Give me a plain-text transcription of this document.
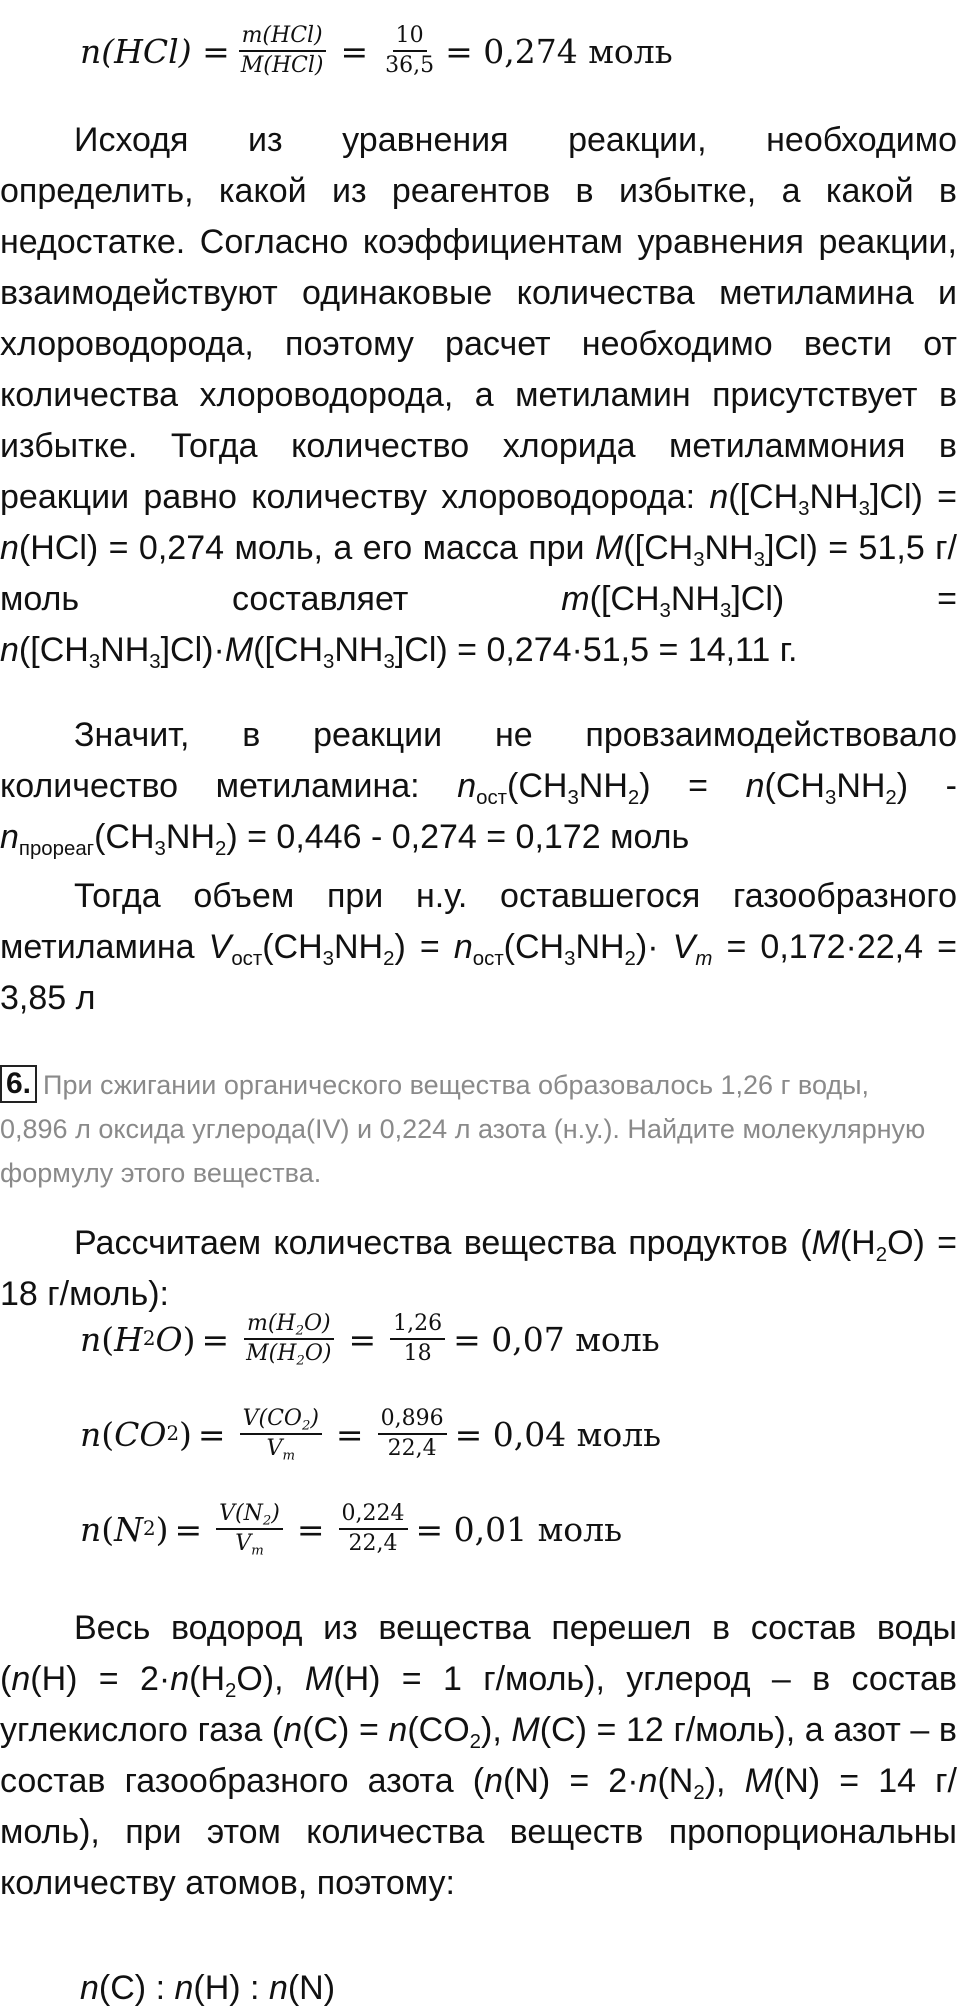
$n(HCl) = \frac{\text{m(HCl)}}{\text{M(HCl)}} = \frac{10}{36,5} = 0,274$ моль

Исходя из уравнения реакции, необходимо определить, какой из реагентов в избытке, а какой в недостатке. Согласно коэффициентам уравнения реакции, взаимодействуют одинаковые количества метиламина и хлороводорода, поэтому расчет необходимо вести от количества хлороводорода, а метиламин присутствует в избытке. Тогда количество хлорида метиламмония в реакции равно количеству хлороводорода: $n([CH_3NH_3]Cl) = n(HCl) = 0,274$ моль, а его масса при $M([CH_3NH_3]Cl) = 51,5$ г/моль составляет $m([CH_3NH_3]Cl) = n([CH_3NH_3]Cl)\cdot M([CH_3NH_3]Cl) = 0,274\cdot 51,5 = 14,11$ г.

Значит, в реакции не провзаимодействовало количество метиламина: $n_{ост}(CH_3NH_2) = n(CH_3NH_2) - n_{прореаг}(CH_3NH_2) = 0,446 - 0,274 = 0,172$ моль

Тогда объем при н.у. оставшегося газообразного метиламина $V_{ост}(CH_3NH_2) = n_{ост}(CH_3NH_2)\cdot V_m = 0,172\cdot 22,4 = 3,85$ л

6. При сжигании органического вещества образовалось 1,26 г воды, 0,896 л оксида углерода(IV) и 0,224 л азота (н.у.). Найдите молекулярную формулу этого вещества.

Рассчитаем количества вещества продуктов ($M(H_2O) = 18$ г/моль):

n ( H 2 O ) = $\frac{m(H_2O)}{M(H_2O)} = \frac{1,26}{18} = 0,07$ моль
n ( CO 2 ) = $\frac{V(CO_2)}{V_m} = \frac{0,896}{22,4} = 0,04$ моль
n ( N 2 ) = $\frac{V(N_2)}{V_m} = \frac{0,224}{22,4} = 0,01$ моль

Весь водород из вещества перешел в состав воды ($n(H) = 2\cdot n(H_2O)$, M(H) = 1 г/моль), углерод – в состав углекислого газа ($n(C) = n(CO_2)$, M(C) = 12 г/моль), а азот – в состав газообразного азота ($n(N) = 2\cdot n(N_2)$, M(N) = 14 г/моль), при этом количества веществ пропорциональны количеству атомов, поэтому:

n(C) : n(H) : n(N)
